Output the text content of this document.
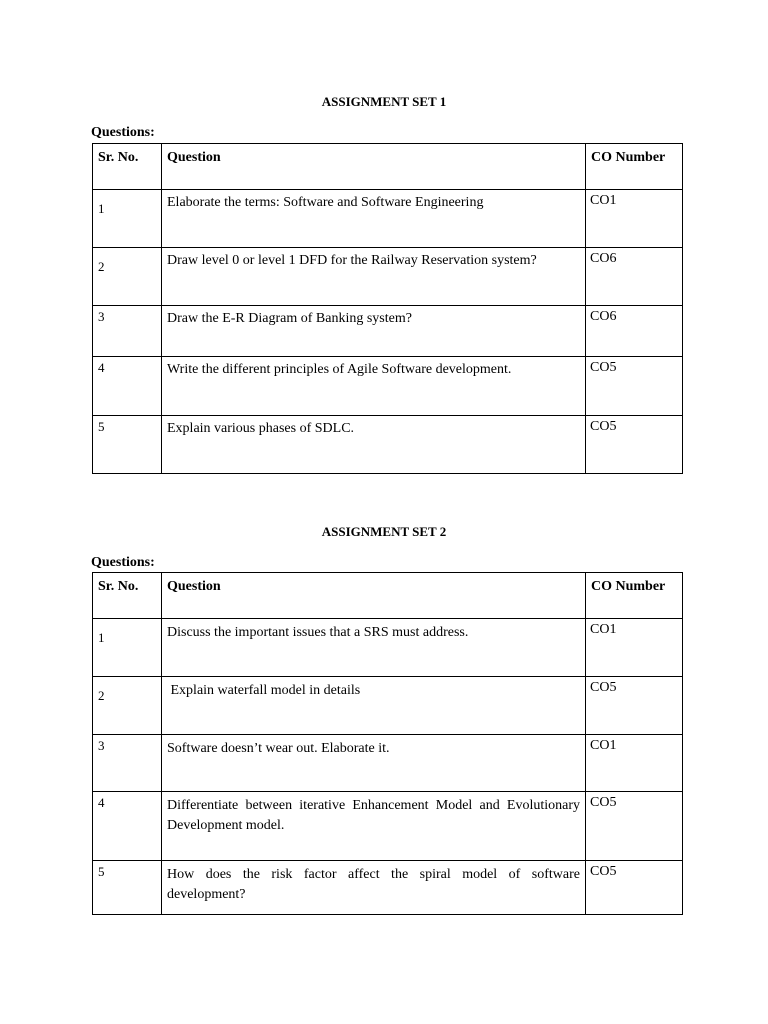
ASSIGNMENT SET 1
Questions:
Sr. No.	Question	CO Number

1	Elaborate the terms: Software and Software Engineering	CO1

2	Draw level 0 or level 1 DFD for the Railway Reservation system?	CO6

3	Draw the E-R Diagram of Banking system?	CO6

4	Write the different principles of Agile Software development.	CO5

5	Explain various phases of SDLC.	CO5
ASSIGNMENT SET 2
Questions:
Sr. No.	Question	CO Number

1	Discuss the important issues that a SRS must address.	CO1

2	Explain waterfall model in details	CO5

3	Software doesn’t wear out. Elaborate it.	CO1

4	Differentiate between iterative Enhancement Model and Evolutionary Development model.	CO5

5	How does the risk factor affect the spiral model of software development?	CO5
